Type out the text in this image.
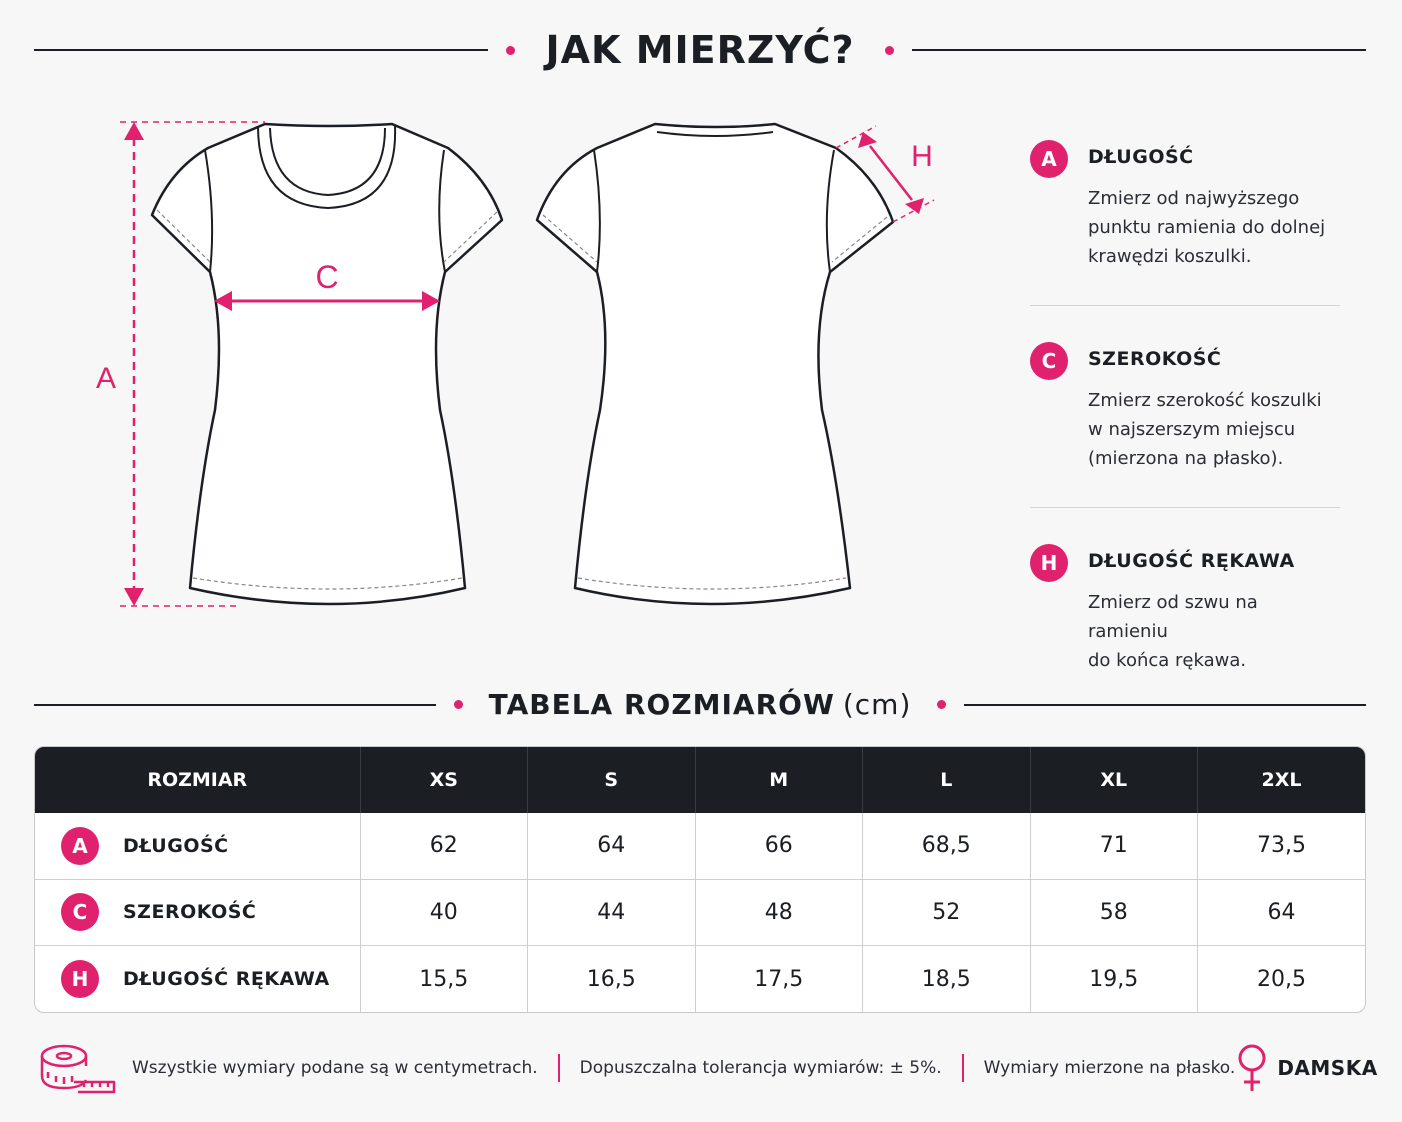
JAK MIERZYĆ?
A
C
H	A	DŁUGOŚĆ
Zmierz od najwyższego
punktu ramienia do dolnej
krawędzi koszulki.
C	SZEROKOŚĆ
Zmierz szerokość koszulki
w najszerszym miejscu
(mierzona na płasko).
H	DŁUGOŚĆ RĘKAWA
Zmierz od szwu na ramieniu
do końca rękawa.
TABELA ROZMIARÓW (cm)
ROZMIAR	XS	S	M	L	XL	2XL

A DŁUGOŚĆ	62	64	66	68,5	71	73,5

C SZEROKOŚĆ	40	44	48	52	58	64

H DŁUGOŚĆ RĘKAWA	15,5	16,5	17,5	18,5	19,5	20,5
Wszystkie wymiary podane są w centymetrach. Dopuszczalna tolerancja wymiarów: ± 5%. Wymiary mierzone na płasko. DAMSKA
